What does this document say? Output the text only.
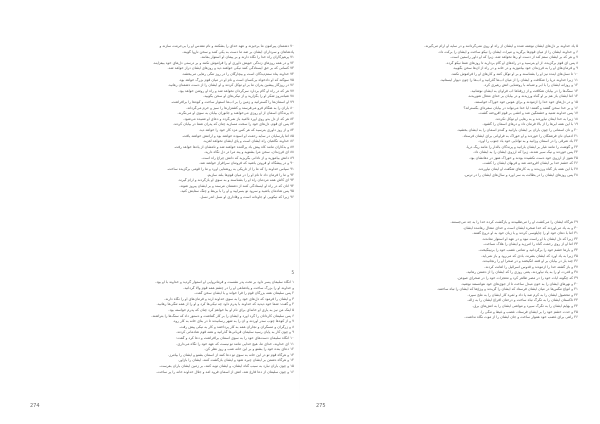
۷۰ دشمنان پیرامون ما برخیزند و عهد خدای را بشکنند و نام مقدس او را بی‌حرمت سازند و
پادشاهان و سرداران ایشان بر ضد ما دست به یکی کنند و سخن ناروا گویند.
۷۱ پرهیزگاران راه خدا را نگاه دارند و بر پیمان او استوار بمانند.
۷۲ و در همه روزهای زندگی خویش داوری او را فراموش نکنند و بر درستی دل‌های خود بیفزایند.
۷۳ کسانی که بر حق ایستادگی کنند نیکی خواهند دید و روزهای ایشان دراز خواهد شد.
۷۴ خداوند پناه ستم‌دیدگان است و بیچارگان را در روز تنگی رهایی می‌بخشد.
۷۵ سوگند که او دادخواه بی‌کسان است و نام او در میان قوم بزرگ خواهد بود.
۷۶ در روزگار پیشین پدران ما بر او توکل کردند و او ایشان را از دست دشمنان رهانید.
۷۷ هر که در راه او گام بردارد سرگردان نخواهد شد و راه او روشن خواهد بود.
۷۸ شبانه‌روز شکر او را بگزارید و از نیکی‌های او سخن بگویید.
۷۹ او آسمان‌ها را گسترانید و زمین را بر آب‌ها استوار ساخت و کوه‌ها را برافراشت.
۸۰ باران را به هنگام فرو می‌فرستد و کشتزارها را سبز و خرم می‌گرداند.
۸۱ پرندگان آسمان از او روزی می‌خواهند و جانوران بیابان به سوی او می‌نگرند.
۸۲ هر که از دل بدو روی آورد ناامید باز نمی‌گردد و دعای او شنیده می‌شود.
۸۳ پس ای قوم، دل‌های خود را سخت مسازید چنان که پدران شما در بیابان کردند.
۸۴ و از روز داوری بترسید که هر کس مزد کار خود را خواهد دید.
۸۵ اما پارسایان در سایه رحمت او آسوده خواهند بود و آرامش خواهند یافت.
۸۶ خداوند نگاهبان راه ایشان است و پای ایشان نخواهد لغزید.
۸۷ و بدکاران مانند کاه پیش باد پراکنده خواهند شد و نامشان از یادها خواهد رفت.
۸۸ ای فرزندان، سخن مرا بشنوید و پند مرا در دل نگاه دارید.
۸۹ دانش بیاموزید و از نادانی بگریزید که دانش چراغ راه است.
۹۰ و در پیشگاه او فروتن باشید که فروتنان سرافراز خواهند شد.
۹۱ سپاس خداوند را که ما را از تاریکی به روشنایی آورد و ما را قومی برگزیده ساخت.
۹۲ و ما را فرمان داد تا نام او را در میان قوم‌ها بلند سازیم.
۹۳ ای کاش همه مردمان راه او را بشناسند و به سوی او بازگردند و آرام گیرند.
۹۴ آنان که در راه او ایستادگی کنند از دشمنان نترسند و بر ایشان پیروز شوند.
۹۵ پس شادمان باشید و سرود نو بسرایید و او را با بربط و چنگ ستایش کنید.
۹۶ زیرا که نیکویی او جاودانه است و وفاداری او نسل اندر نسل.
5
۱ آنگاه سلیمان پسر داود بر تخت پدر نشست و فرمانروایی او استوار گردید و خداوند با او بود.
و خداوند او را بزرگ ساخت و پادشاهی او را در چشم همه قوم والا گردانید.
۲ پس سلیمان همه بزرگان قوم را فرا خواند و با ایشان سخن گفت.
۳ و ایشان را فرمود که دل‌های خود را به سوی خداوند آرند و فرمان‌های او را نگاه دارند.
۴ و گفت: شما خود دیدید که خداوند با پدرم داود چه نیکی‌ها کرد و او را از همه تنگی‌ها رهانید.
۵ اینک من نیز به یاری او خانه‌ای برای نام او بنا خواهم کرد چنان که پدرم خواسته بود.
۶ پس سلیمان کاردانان را گرد آورد و ایشان را بر کار گماشت و دستور داد که سنگ‌ها را بتراشند.
۷ و از کوه‌ها چوب سدر آوردند و آن را به شهر رسانیدند تا در بنای خانه به کار رود.
۸ و زرگران و مسگران و نجاران همه به کار پرداختند و کار به نیکی پیش رفت.
۹ و چون کار به پایان رسید سلیمان قربانی‌ها گذرانید و همه قوم شادمانی کردند.
۱۰ آنگاه سلیمان دست‌های خود را به سوی آسمان برافراشت و دعا کرد و گفت:
۱۱ ای خداوند، خدای ما، هیچ خدایی مانند تو نیست که عهد خود را نگاه می‌داری.
۱۲ دعای بنده خود را بشنو و بر این خانه شب و روز نظر کن.
۱۳ و هرگاه قوم تو در این خانه به سوی تو دعا کنند از آسمان بشنو و ایشان را بیامرز.
۱۴ و هرگاه دشمن بر ایشان چیره شود و ایشان بازگشت کنند، ایشان را بازآور.
۱۵ و چون باران نبارد به سبب گناه ایشان، و ایشان توبه کنند، بر زمین ایشان باران بفرست.
۱۶ و چون سلیمان از دعا فارغ شد، آتش از آسمان فرود آمد و جلال خداوند خانه را پر ساخت.
۵ یاد خداوند بر دل‌های ایشان نوشته شده و ایشان از راه او روی نمی‌گردانند و در سایه او آرام می‌گیرند.
۶ و خداوند ایشان را از میان قوم‌ها برگزید و میراث ایشان را نیکو ساخت و ایشان را برکت داد.
۷ و هر که بر ایشان ستم کند از دست او رها نخواهد شد، زیرا که او داور راستین است.
۸ پس ای قوم برگزیده، از او بترسید و در راه‌های او گام بردارید تا روزهای شما نیکو گردد.
۹ و فرمان‌های او را به فرزندان خود بیاموزید و در خانه و در راه از آن‌ها سخن بگویید.
۱۰ تا نسل‌های آینده نیز او را بشناسند و بر او توکل کنند و کارهای او را فراموش نکنند.
۱۱ زیرا خداوند دریا را شکافت و ایشان را از میان آب‌ها گذرانید و آب‌ها را چون دیوار ایستانید.
۱۲ و روزانه ایشان را با ابر و شبانه با روشنایی آتش رهبری کرد.
۱۳ سنگ‌ها را در بیابان شکافت و از ژرفناها آب فراوان به ایشان نوشانید.
۱۴ اما ایشان باز هم بر او گناه ورزیدند و در بیابان بر خدای متعال شوریدند.
۱۵ و در دل‌های خود خدا را آزمودند و برای هوس خود خوراک خواستند.
۱۶ و بر خدا سخن گفتند و گفتند: آیا خدا می‌تواند در بیابان سفره‌ای بگستراند؟
۱۷ پس خداوند شنید و خشمگین شد و آتشی بر قوم افروخته گشت.
۱۸ زیرا به خدا ایمان نیاوردند و به رهایی او توکل نکردند.
۱۹ با این همه ابرها را از بالا فرمان داد و درهای آسمان را گشود.
۲۰ و نان آسمانی را چون باران بر ایشان بارانید و گندم آسمان را به ایشان بخشید.
۲۱ آدمیان نان فرشتگان را خوردند و او خوراک به فراوانی برای ایشان فرستاد.
۲۲ باد شرقی را در آسمان وزانید و به توانایی خود باد جنوب را آورد.
۲۳ و گوشت را مانند غبار بر ایشان بارانید و پرندگان بالدار را مانند ریگ دریا.
۲۴ پس خوردند و نیک سیر شدند، زیرا که آرزوی ایشان را به ایشان داد.
۲۵ هنوز از آرزوی خود دست نکشیده بودند و خوراک هنوز در دهانشان بود.
۲۶ که خشم خدا بر ایشان افروخته شد و فربهان ایشان را کشت.
۲۷ با این همه باز گناه ورزیدند و به کارهای شگفت او ایمان نیاوردند.
۲۸ پس روزهای ایشان را در بطالت به سر آورد و سال‌های ایشان را در ترس.
۲۹ هرگاه ایشان را می‌کشت او را می‌طلبیدند و بازگشت کرده خدا را به جد می‌جستند.
۳۰ و به یاد می‌آوردند که خدا صخره ایشان است و خدای متعال رهاننده ایشان.
۳۱ اما با دهان خود او را چاپلوسی کردند و با زبان خود به او دروغ گفتند.
۳۲ زیرا که دل ایشان با او راست نبود و در عهد او استوار نماندند.
۳۳ اما او از روی رحمت گناه را آمرزید و ایشان را هلاک نساخت.
۳۴ و بارها خشم خود را برگردانید و تمامی غضب خود را برنینگیخت.
۳۵ زیرا به یاد آورد که ایشان بشرند، بادی که می‌رود و باز نمی‌آید.
۳۶ چند بار در بیابان بر او فتنه انگیختند و در صحرا او را رنجانیدند.
۳۷ و باز گشته خدا را آزمودند و قدوس اسرائیل را اهانت کردند.
۳۸ و قدرت او را به یاد نیاوردند، یعنی روزی را که ایشان را از دشمن رهانید.
۳۹ که چگونه آیات خود را در مصر ظاهر کرد و معجزات خود را در صحرای صوعن.
۴۰ و نهرهای ایشان را به خون مبدل ساخت تا از جوی‌های خود نتوانستند نوشید.
۴۱ و انواع مگس‌ها در میان ایشان فرستاد که ایشان را گزیدند و وزغ‌ها که ایشان را تباه ساختند.
۴۲ و محصول ایشان را به کرم صد پا داد و ثمره کار ایشان را به ملخ سپرد.
۴۳ تاکستان ایشان را به تگرگ تباه ساخت و درختان افراغ ایشان را به ژاله.
۴۴ و بهایم ایشان را به تگرگ سپرد و مواشی ایشان را به آتش‌های برق.
۴۵ و حدت خشم خود را بر ایشان فرستاد، غضب و غیظ و تنگی را.
۴۶ راهی برای غضب خود هموار ساخت و جان ایشان را از موت نگاه نداشت.
274	275
